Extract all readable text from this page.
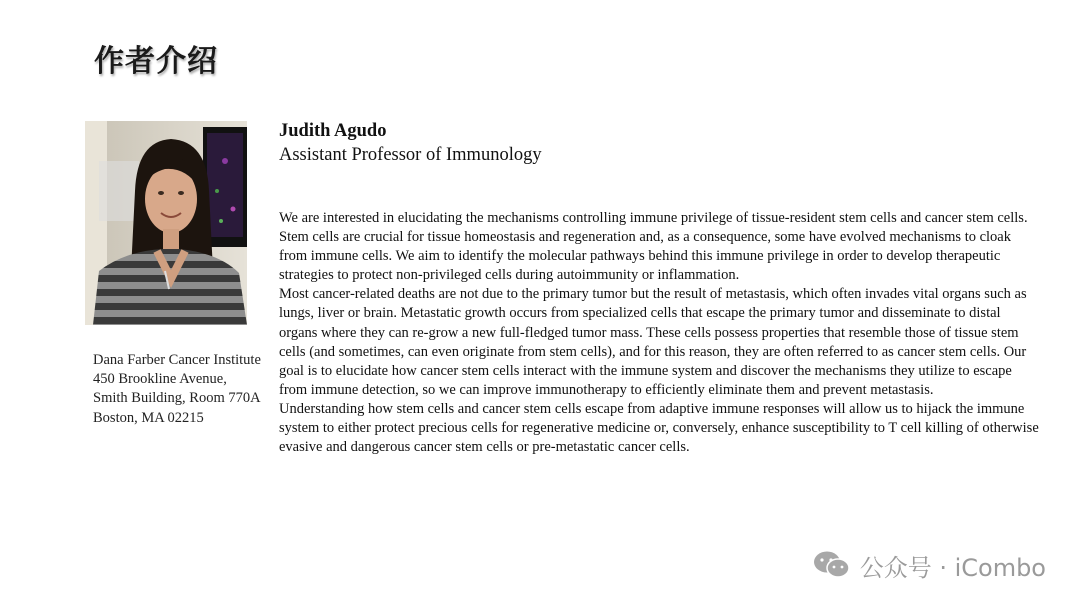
作者介绍
Dana Farber Cancer Institute 450 Brookline Avenue, Smith Building, Room 770A Boston, MA 02215
Judith Agudo
Assistant Professor of Immunology

We are interested in elucidating the mechanisms controlling immune privilege of tissue-resident stem cells and cancer stem cells.

Stem cells are crucial for tissue homeostasis and regeneration and, as a consequence, some have evolved mechanisms to cloak from immune cells. We aim to identify the molecular pathways behind this immune privilege in order to develop therapeutic strategies to protect non-privileged cells during autoimmunity or inflammation.

Most cancer-related deaths are not due to the primary tumor but the result of metastasis, which often invades vital organs such as lungs, liver or brain. Metastatic growth occurs from specialized cells that escape the primary tumor and disseminate to distal organs where they can re-grow a new full-fledged tumor mass. These cells possess properties that resemble those of tissue stem cells (and sometimes, can even originate from stem cells), and for this reason, they are often referred to as cancer stem cells. Our goal is to elucidate how cancer stem cells interact with the immune system and discover the mechanisms they utilize to escape from immune detection, so we can improve immunotherapy to efficiently eliminate them and prevent metastasis.

Understanding how stem cells and cancer stem cells escape from adaptive immune responses will allow us to hijack the immune system to either protect precious cells for regenerative medicine or, conversely, enhance susceptibility to T cell killing of otherwise evasive and dangerous cancer stem cells or pre-metastatic cancer cells.

公众号 · iCombo
